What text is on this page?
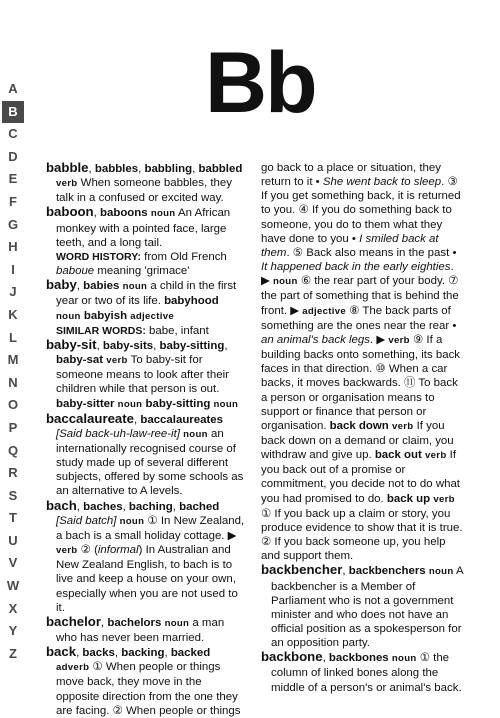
A
B
C
D
E
F
G
H
I
J
K
L
M
N
O
P
Q
R
S
T
U
V
W
X
Y
Z
Bb

babble, babbles, babbling, babbled verb When someone babbles, they talk in a confused or excited way.

baboon, baboons noun An African monkey with a pointed face, large teeth, and a long tail.
WORD HISTORY: from Old French baboue meaning 'grimace'

baby, babies noun a child in the first year or two of its life. babyhood noun babyish adjective
SIMILAR WORDS: babe, infant

baby-sit, baby-sits, baby-sitting, baby-sat verb To baby-sit for someone means to look after their children while that person is out. baby-sitter noun baby-sitting noun

baccalaureate, baccalaureates [Said back-uh-law-ree-it] noun an internationally recognised course of study made up of several different subjects, offered by some schools as an alternative to A levels.

bach, baches, baching, bached [Said batch] noun ① In New Zealand, a bach is a small holiday cottage. ▶ verb ② (informal) In Australian and New Zealand English, to bach is to live and keep a house on your own, especially when you are not used to it.

bachelor, bachelors noun a man who has never been married.

back, backs, backing, backed
adverb ① When people or things move back, they move in the opposite direction from the one they are facing. ② When people or things

go back to a place or situation, they return to it • She went back to sleep. ③ If you get something back, it is returned to you. ④ If you do something back to someone, you do to them what they have done to you • I smiled back at them. ⑤ Back also means in the past • It happened back in the early eighties. ▶ noun ⑥ the rear part of your body. ⑦ the part of something that is behind the front. ▶ adjective ⑧ The back parts of something are the ones near the rear • an animal's back legs. ▶ verb ⑨ If a building backs onto something, its back faces in that direction. ⑩ When a car backs, it moves backwards. ⑪ To back a person or organisation means to support or finance that person or organisation. back down verb If you back down on a demand or claim, you withdraw and give up. back out verb If you back out of a promise or commitment, you decide not to do what you had promised to do. back up verb ① If you back up a claim or story, you produce evidence to show that it is true. ② If you back someone up, you help and support them.

backbencher, backbenchers noun A backbencher is a Member of Parliament who is not a government minister and who does not have an official position as a spokesperson for an opposition party.

backbone, backbones noun ① the column of linked bones along the middle of a person's or animal's back.
